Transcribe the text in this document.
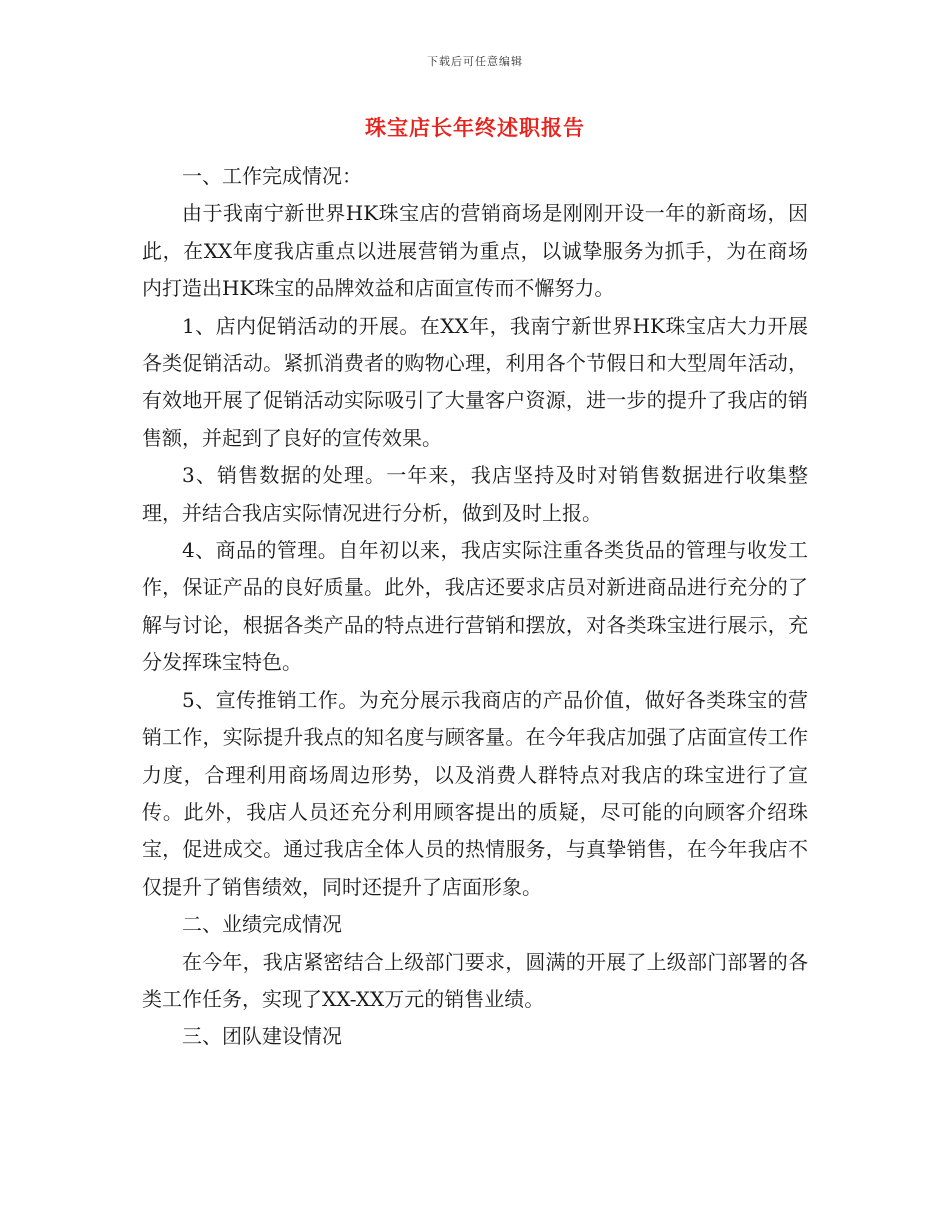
下载后可任意编辑
珠宝店长年终述职报告

一、工作完成情况：

由于我南宁新世界HK珠宝店的营销商场是刚刚开设一年的新商场，因此，在XX年度我店重点以进展营销为重点，以诚挚服务为抓手，为在商场内打造出HK珠宝的品牌效益和店面宣传而不懈努力。

1、店内促销活动的开展。在XX年，我南宁新世界HK珠宝店大力开展各类促销活动。紧抓消费者的购物心理，利用各个节假日和大型周年活动，有效地开展了促销活动实际吸引了大量客户资源，进一步的提升了我店的销售额，并起到了良好的宣传效果。

3、销售数据的处理。一年来，我店坚持及时对销售数据进行收集整理，并结合我店实际情况进行分析，做到及时上报。

4、商品的管理。自年初以来，我店实际注重各类货品的管理与收发工作，保证产品的良好质量。此外，我店还要求店员对新进商品进行充分的了解与讨论，根据各类产品的特点进行营销和摆放，对各类珠宝进行展示，充分发挥珠宝特色。

5、宣传推销工作。为充分展示我商店的产品价值，做好各类珠宝的营销工作，实际提升我点的知名度与顾客量。在今年我店加强了店面宣传工作力度，合理利用商场周边形势，以及消费人群特点对我店的珠宝进行了宣传。此外，我店人员还充分利用顾客提出的质疑，尽可能的向顾客介绍珠宝，促进成交。通过我店全体人员的热情服务，与真挚销售，在今年我店不仅提升了销售绩效，同时还提升了店面形象。

二、业绩完成情况

在今年，我店紧密结合上级部门要求，圆满的开展了上级部门部署的各类工作任务，实现了XX-XX万元的销售业绩。

三、团队建设情况
